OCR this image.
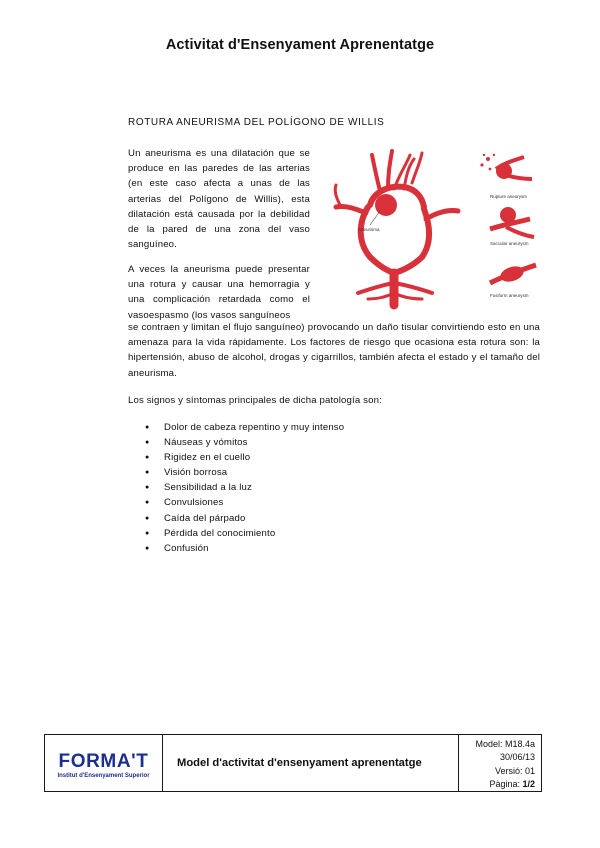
Activitat d'Ensenyament Aprenentatge
ROTURA ANEURISMA DEL POLÍGONO DE WILLIS
Un aneurisma es una dilatación que se produce en las paredes de las arterias (en este caso afecta a unas de las arterias del Polígono de Willis), esta dilatación está causada por la debilidad de la pared de una zona del vaso sanguíneo.
A veces la aneurisma puede presentar una rotura y causar una hemorragia y una complicación retardada como el vasoespasmo (los vasos sanguíneos
se contraen y limitan el flujo sanguíneo) provocando un daño tisular convirtiendo esto en una amenaza para la vida rápidamente. Los factores de riesgo que ocasiona esta rotura son: la hipertensión, abuso de alcohol, drogas y cigarrillos, también afecta el estado y el tamaño del aneurisma.
Los signos y síntomas principales de dicha patología son:
● Dolor de cabeza repentino y muy intenso
● Náuseas y vómitos
● Rigidez en el cuello
● Visión borrosa
● Sensibilidad a la luz
● Convulsiones
● Caída del párpado
● Pérdida del conocimiento
● Confusión
Aneurisma
Rupture aneurysm
Saccular aneurysm
Fusiform aneurysm
FORMA'T
Institut d'Ensenyament Superior
Model d'activitat d'ensenyament aprenentatge
Model: M18.4a
30/06/13
Versió: 01
Pàgina: 1/2
